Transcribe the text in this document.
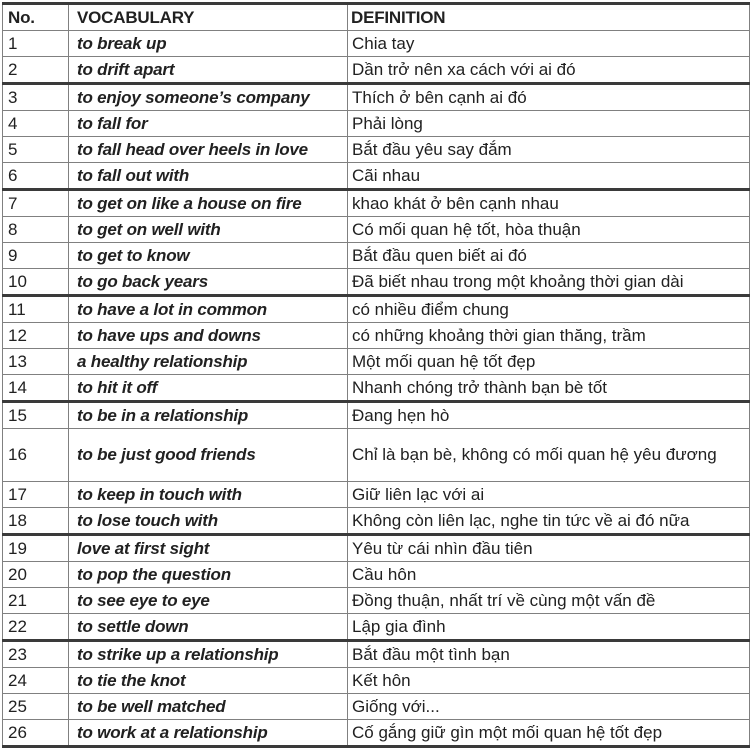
No.	VOCABULARY	DEFINITION
1	to break up	Chia tay
2	to drift apart	Dần trở nên xa cách với ai đó
3	to enjoy someone’s company	Thích ở bên cạnh ai đó
4	to fall for	Phải lòng
5	to fall head over heels in love	Bắt đầu yêu say đắm
6	to fall out with	Cãi nhau
7	to get on like a house on fire	khao khát ở bên cạnh nhau
8	to get on well with	Có mối quan hệ tốt, hòa thuận
9	to get to know	Bắt đầu quen biết ai đó
10	to go back years	Đã biết nhau trong một khoảng thời gian dài
11	to have a lot in common	có nhiều điểm chung
12	to have ups and downs	có những khoảng thời gian thăng, trầm
13	a healthy relationship	Một mối quan hệ tốt đẹp
14	to hit it off	Nhanh chóng trở thành bạn bè tốt
15	to be in a relationship	Đang hẹn hò
16	to be just good friends	Chỉ là bạn bè, không có mối quan hệ yêu đương
17	to keep in touch with	Giữ liên lạc với ai
18	to lose touch with	Không còn liên lạc, nghe tin tức về ai đó nữa
19	love at first sight	Yêu từ cái nhìn đầu tiên
20	to pop the question	Cầu hôn
21	to see eye to eye	Đồng thuận, nhất trí về cùng một vấn đề
22	to settle down	Lập gia đình
23	to strike up a relationship	Bắt đầu một tình bạn
24	to tie the knot	Kết hôn
25	to be well matched	Giống với...
26	to work at a relationship	Cố gắng giữ gìn một mối quan hệ tốt đẹp
